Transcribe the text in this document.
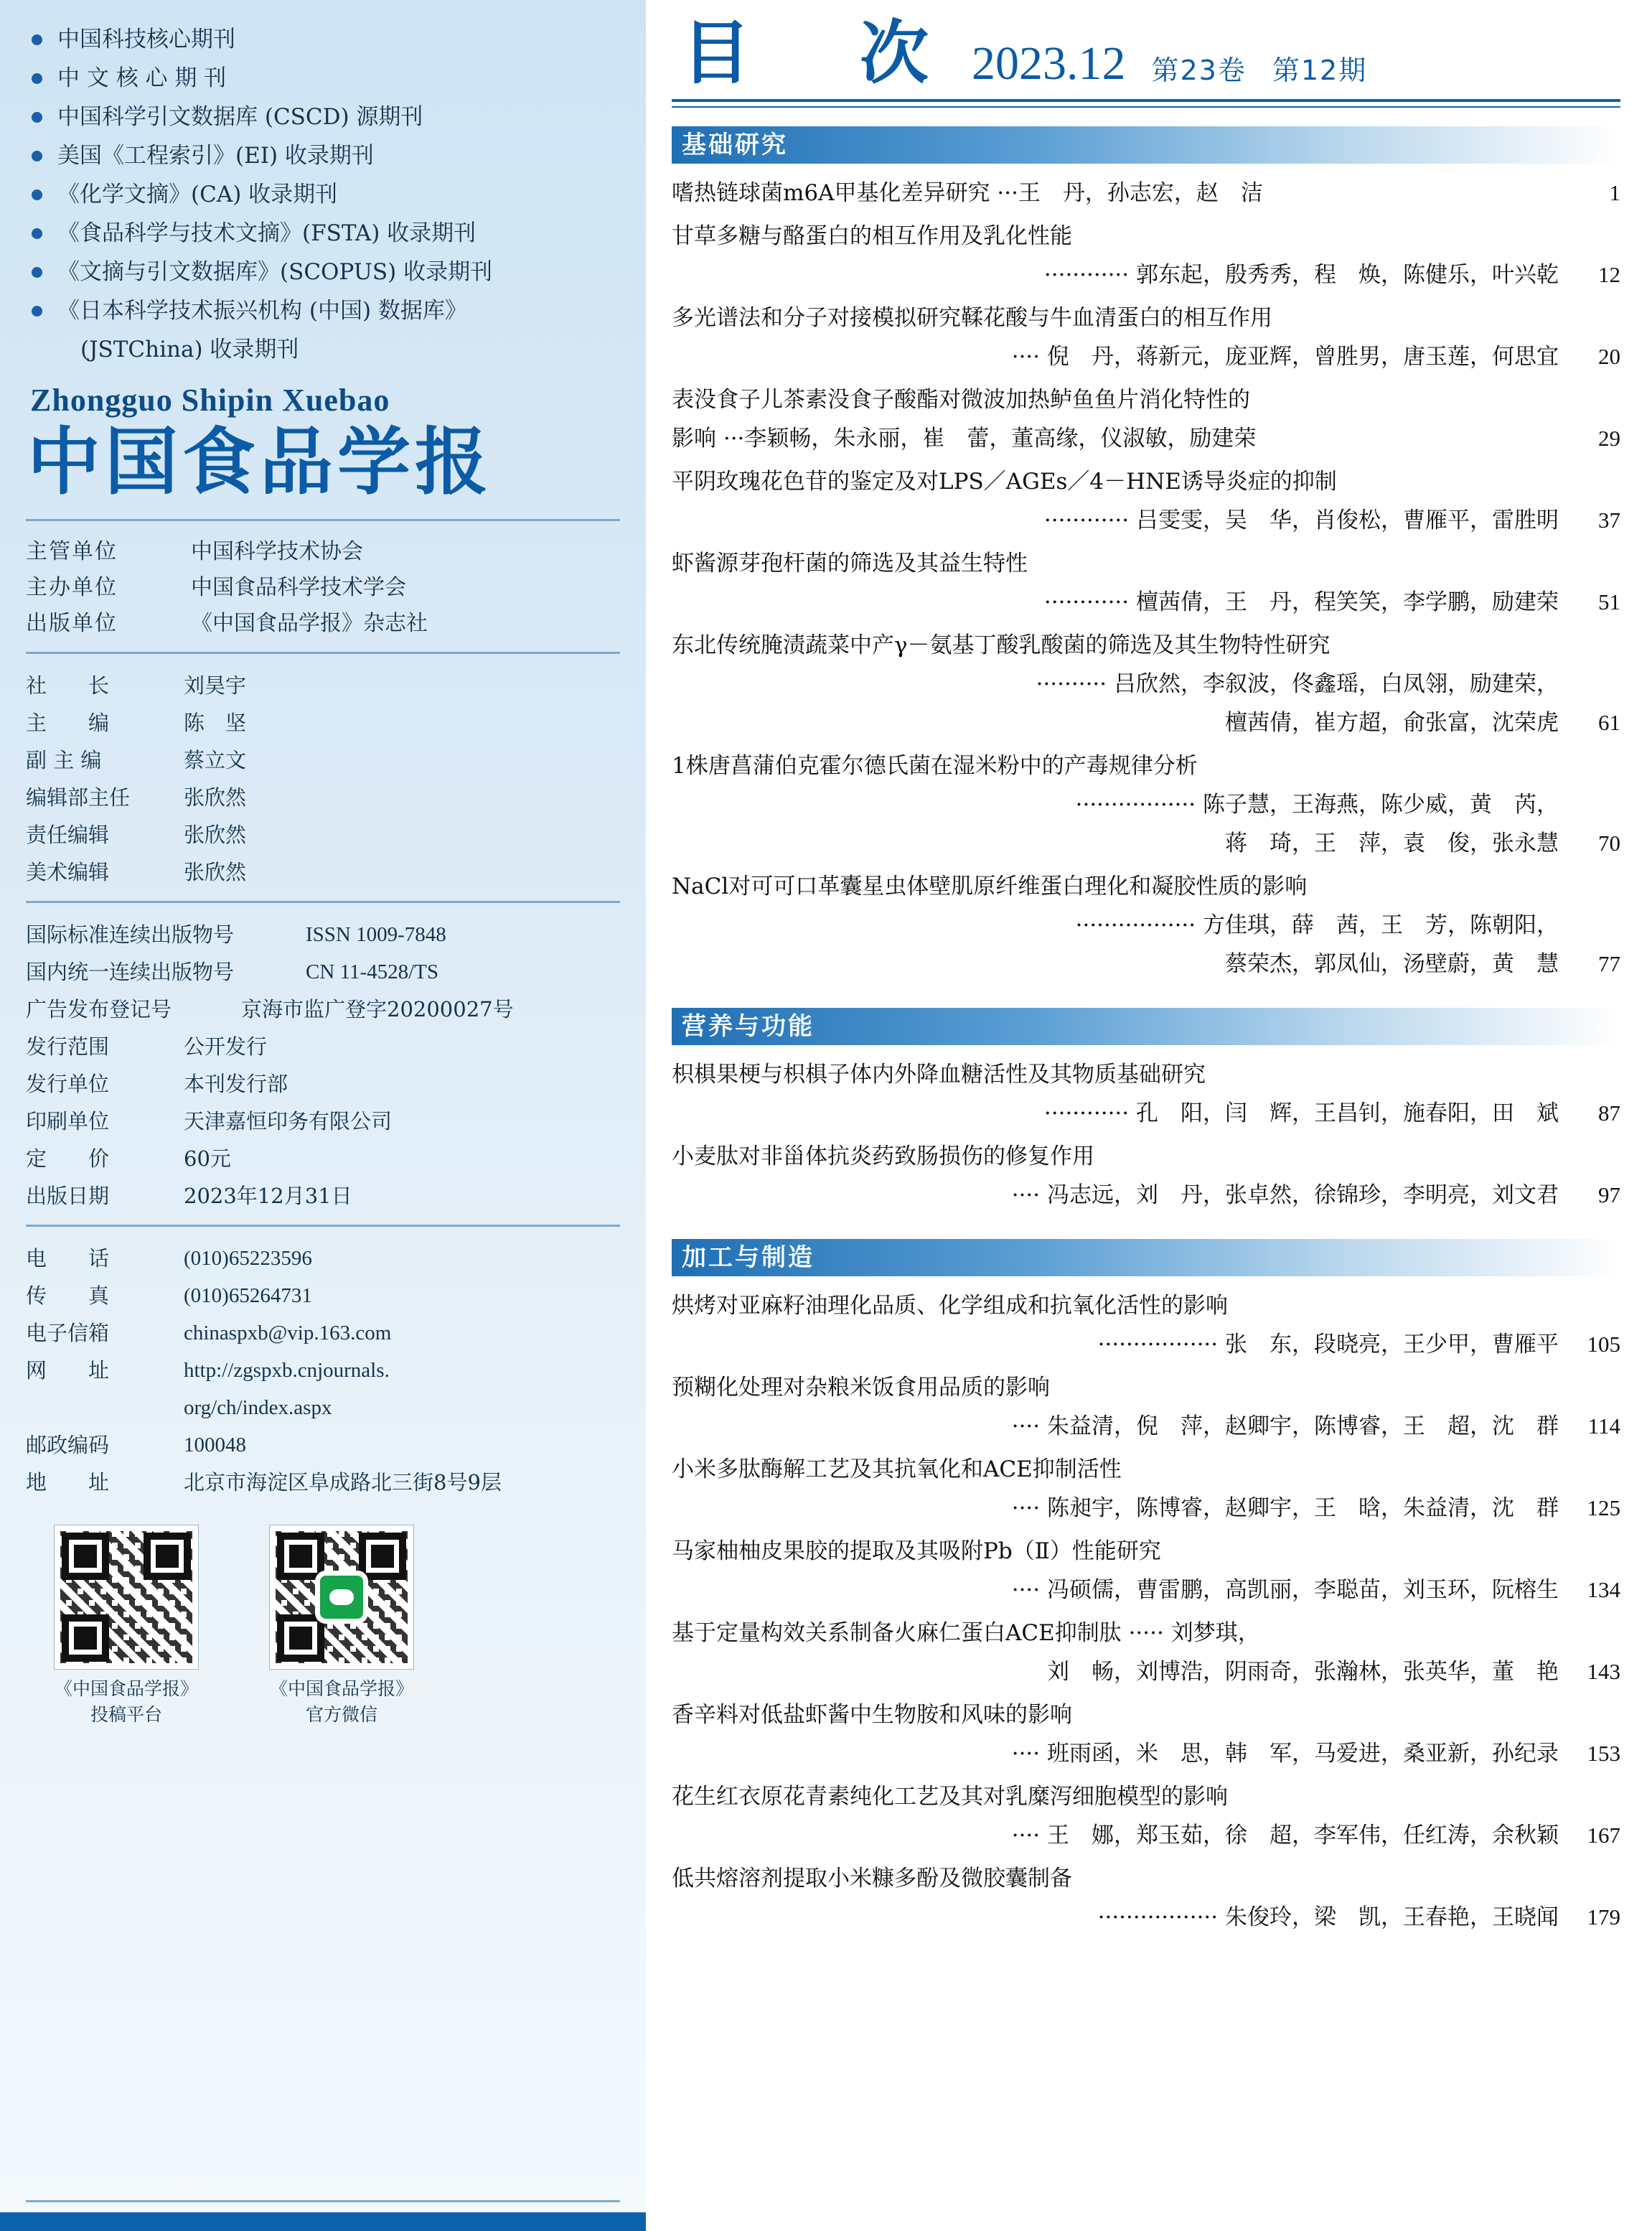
中国科技核心期刊
中 文 核 心 期 刊
中国科学引文数据库 (CSCD) 源期刊
美国《工程索引》(EI) 收录期刊
《化学文摘》(CA) 收录期刊
《食品科学与技术文摘》(FSTA) 收录期刊
《文摘与引文数据库》(SCOPUS) 收录期刊
《日本科学技术振兴机构 (中国) 数据库》
(JSTChina) 收录期刊
Zhongguo Shipin Xuebao
中国食品学报
主管单位	中国科学技术协会
主办单位	中国食品科学技术学会
出版单位	《中国食品学报》杂志社
社　　长	刘昊宇
主　　编	陈　坚
副 主 编	蔡立文
编辑部主任	张欣然
责任编辑	张欣然
美术编辑	张欣然
国际标准连续出版物号	ISSN 1009-7848
国内统一连续出版物号	CN 11-4528/TS
广告发布登记号	京海市监广登字20200027号
发行范围	公开发行
发行单位	本刊发行部
印刷单位	天津嘉恒印务有限公司
定　　价	60元
出版日期	2023年12月31日
电　　话	(010)65223596
传　　真	(010)65264731
电子信箱	chinaspxb@vip.163.com
网　　址	http://zgspxb.cnjournals.
org/ch/index.aspx
邮政编码	100048
地　　址	北京市海淀区阜成路北三街8号9层
《中国食品学报》
投稿平台
《中国食品学报》
官方微信
目　次 2023.12 第23卷 第12期
基础研究
嗜热链球菌m6A甲基化差异研究 ···王　丹，孙志宏，赵　洁	1
甘草多糖与酪蛋白的相互作用及乳化性能
············ 郭东起，殷秀秀，程　焕，陈健乐，叶兴乾	12
多光谱法和分子对接模拟研究鞣花酸与牛血清蛋白的相互作用
···· 倪　丹，蒋新元，庞亚辉，曾胜男，唐玉莲，何思宜	20
表没食子儿茶素没食子酸酯对微波加热鲈鱼鱼片消化特性的
影响 ···李颖畅，朱永丽，崔　蕾，董高缘，仪淑敏，励建荣	29
平阴玫瑰花色苷的鉴定及对LPS／AGEs／4－HNE诱导炎症的抑制
············ 吕雯雯，吴　华，肖俊松，曹雁平，雷胜明	37
虾酱源芽孢杆菌的筛选及其益生特性
············ 檀茜倩，王　丹，程笑笑，李学鹏，励建荣	51
东北传统腌渍蔬菜中产γ－氨基丁酸乳酸菌的筛选及其生物特性研究
·········· 吕欣然，李叙波，佟鑫瑶，白凤翎，励建荣，
檀茜倩，崔方超，俞张富，沈荣虎	61
1株唐菖蒲伯克霍尔德氏菌在湿米粉中的产毒规律分析
················· 陈子慧，王海燕，陈少威，黄　芮，
蒋　琦，王　萍，袁　俊，张永慧	70
NaCl对可可口革囊星虫体壁肌原纤维蛋白理化和凝胶性质的影响
················· 方佳琪，薛　茜，王　芳，陈朝阳，
蔡荣杰，郭凤仙，汤壁蔚，黄　慧	77
营养与功能
枳椇果梗与枳椇子体内外降血糖活性及其物质基础研究
············ 孔　阳，闫　辉，王昌钊，施春阳，田　斌	87
小麦肽对非甾体抗炎药致肠损伤的修复作用
···· 冯志远，刘　丹，张卓然，徐锦珍，李明亮，刘文君	97
加工与制造
烘烤对亚麻籽油理化品质、化学组成和抗氧化活性的影响
················· 张　东，段晓亮，王少甲，曹雁平	105
预糊化处理对杂粮米饭食用品质的影响
···· 朱益清，倪　萍，赵卿宇，陈博睿，王　超，沈　群	114
小米多肽酶解工艺及其抗氧化和ACE抑制活性
···· 陈昶宇，陈博睿，赵卿宇，王　晗，朱益清，沈　群	125
马家柚柚皮果胶的提取及其吸附Pb（Ⅱ）性能研究
···· 冯硕儒，曹雷鹏，高凯丽，李聪苗，刘玉环，阮榕生	134
基于定量构效关系制备火麻仁蛋白ACE抑制肽 ····· 刘梦琪，
刘　畅，刘博浩，阴雨奇，张瀚林，张英华，董　艳	143
香辛料对低盐虾酱中生物胺和风味的影响
···· 班雨函，米　思，韩　军，马爱进，桑亚新，孙纪录	153
花生红衣原花青素纯化工艺及其对乳糜泻细胞模型的影响
···· 王　娜，郑玉茹，徐　超，李军伟，任红涛，余秋颖	167
低共熔溶剂提取小米糠多酚及微胶囊制备
················· 朱俊玲，梁　凯，王春艳，王晓闻	179
